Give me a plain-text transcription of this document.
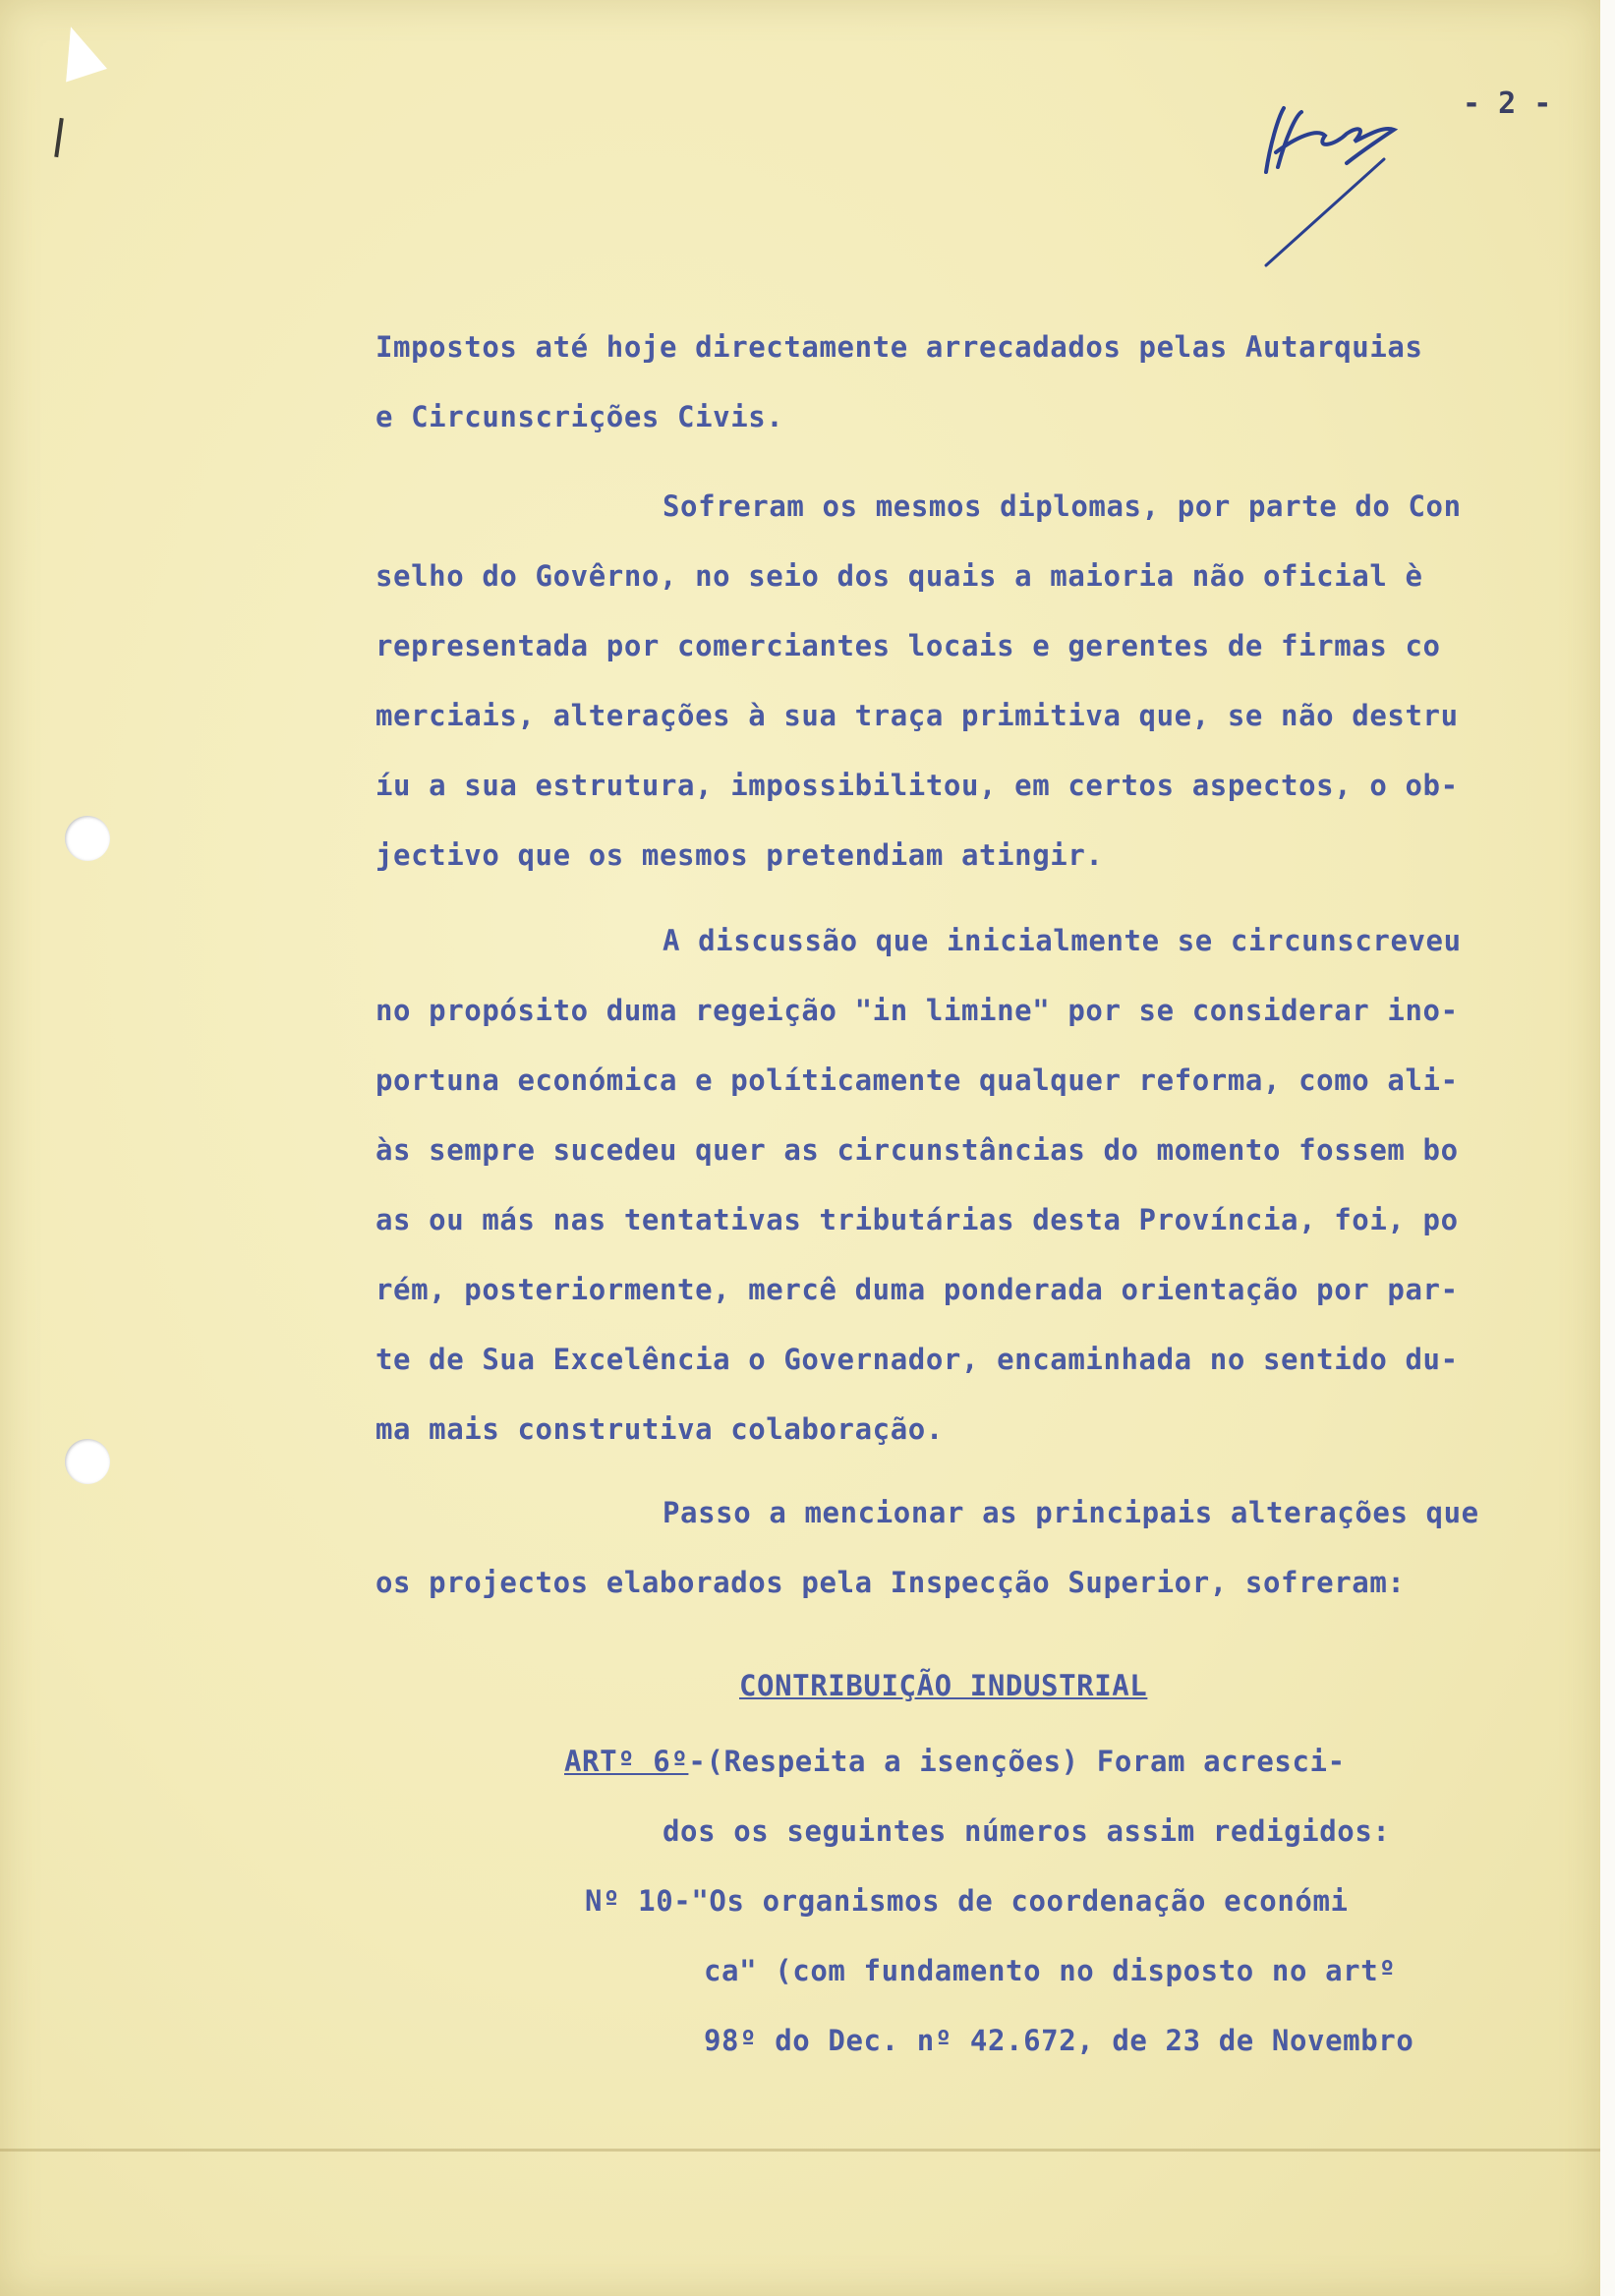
- 2 -

Impostos até hoje directamente arrecadados pelas Autarquias

e Circunscrições Civis.

Sofreram os mesmos diplomas, por parte do Con

selho do Govêrno, no seio dos quais a maioria não oficial è

representada por comerciantes locais e gerentes de firmas co

merciais, alterações à sua traça primitiva que, se não destru

íu a sua estrutura, impossibilitou, em certos aspectos, o ob-

jectivo que os mesmos pretendiam atingir.

A discussão que inicialmente se circunscreveu

no propósito duma regeição "in limine" por se considerar ino-

portuna económica e políticamente qualquer reforma, como ali-

às sempre sucedeu quer as circunstâncias do momento fossem bo

as ou más nas tentativas tributárias desta Província, foi, po

rém, posteriormente, mercê duma ponderada orientação por par-

te de Sua Excelência o Governador, encaminhada no sentido du-

ma mais construtiva colaboração.

Passo a mencionar as principais alterações que

os projectos elaborados pela Inspecção Superior, sofreram:

CONTRIBUIÇÃO INDUSTRIAL

ARTº 6º-(Respeita a isenções) Foram acresci-

dos os seguintes números assim redigidos:

Nº 10-"Os organismos de coordenação económi

ca" (com fundamento no disposto no artº

98º do Dec. nº 42.672, de 23 de Novembro
